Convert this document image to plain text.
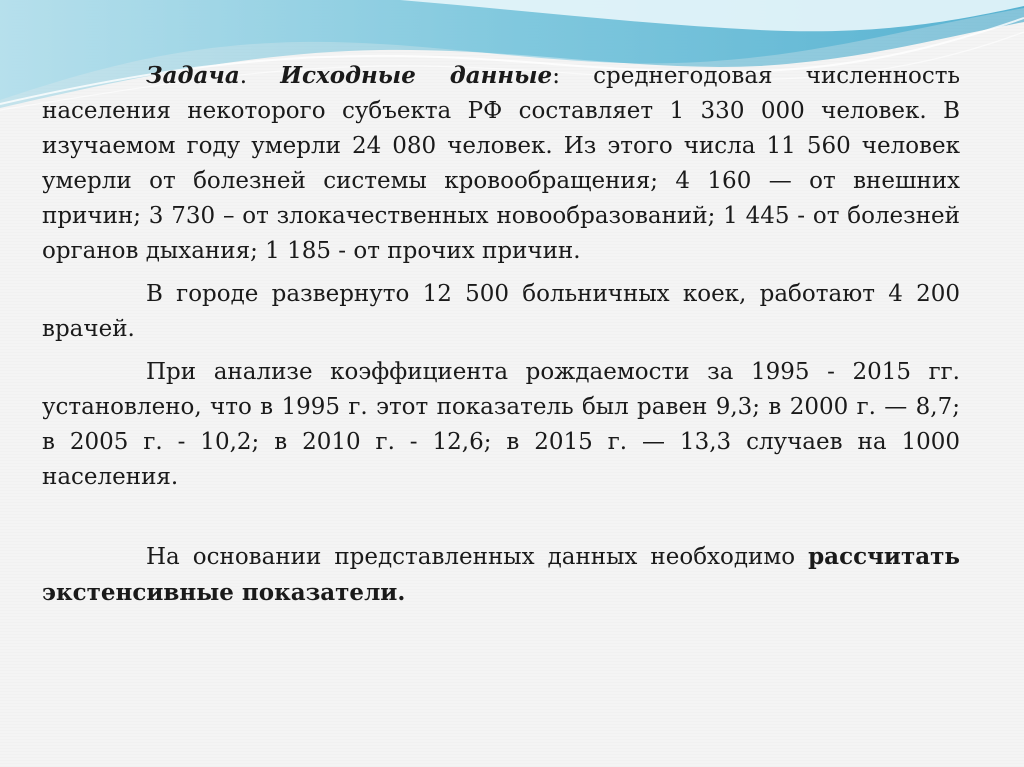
Задача. Исходные данные: среднегодовая численность населения некоторого субъекта РФ составляет 1 330 000 человек. В изучаемом году умерли 24 080 человек. Из этого числа 11 560 человек умерли от болезней системы кровообращения; 4 160 — от внешних причин; 3 730 – от злокачественных новообразований; 1 445 - от болезней органов дыхания; 1 185 - от прочих причин.

В городе развернуто 12 500 больничных коек, работают 4 200 врачей.

При анализе коэффициента рождаемости за 1995 - 2015 гг. установлено, что в 1995 г. этот показатель был равен 9,3; в 2000 г. — 8,7; в 2005 г. - 10,2; в 2010 г. - 12,6; в 2015 г. — 13,3 случаев на 1000 населения.

На основании представленных данных необходимо рассчитать экстенсивные показатели.
